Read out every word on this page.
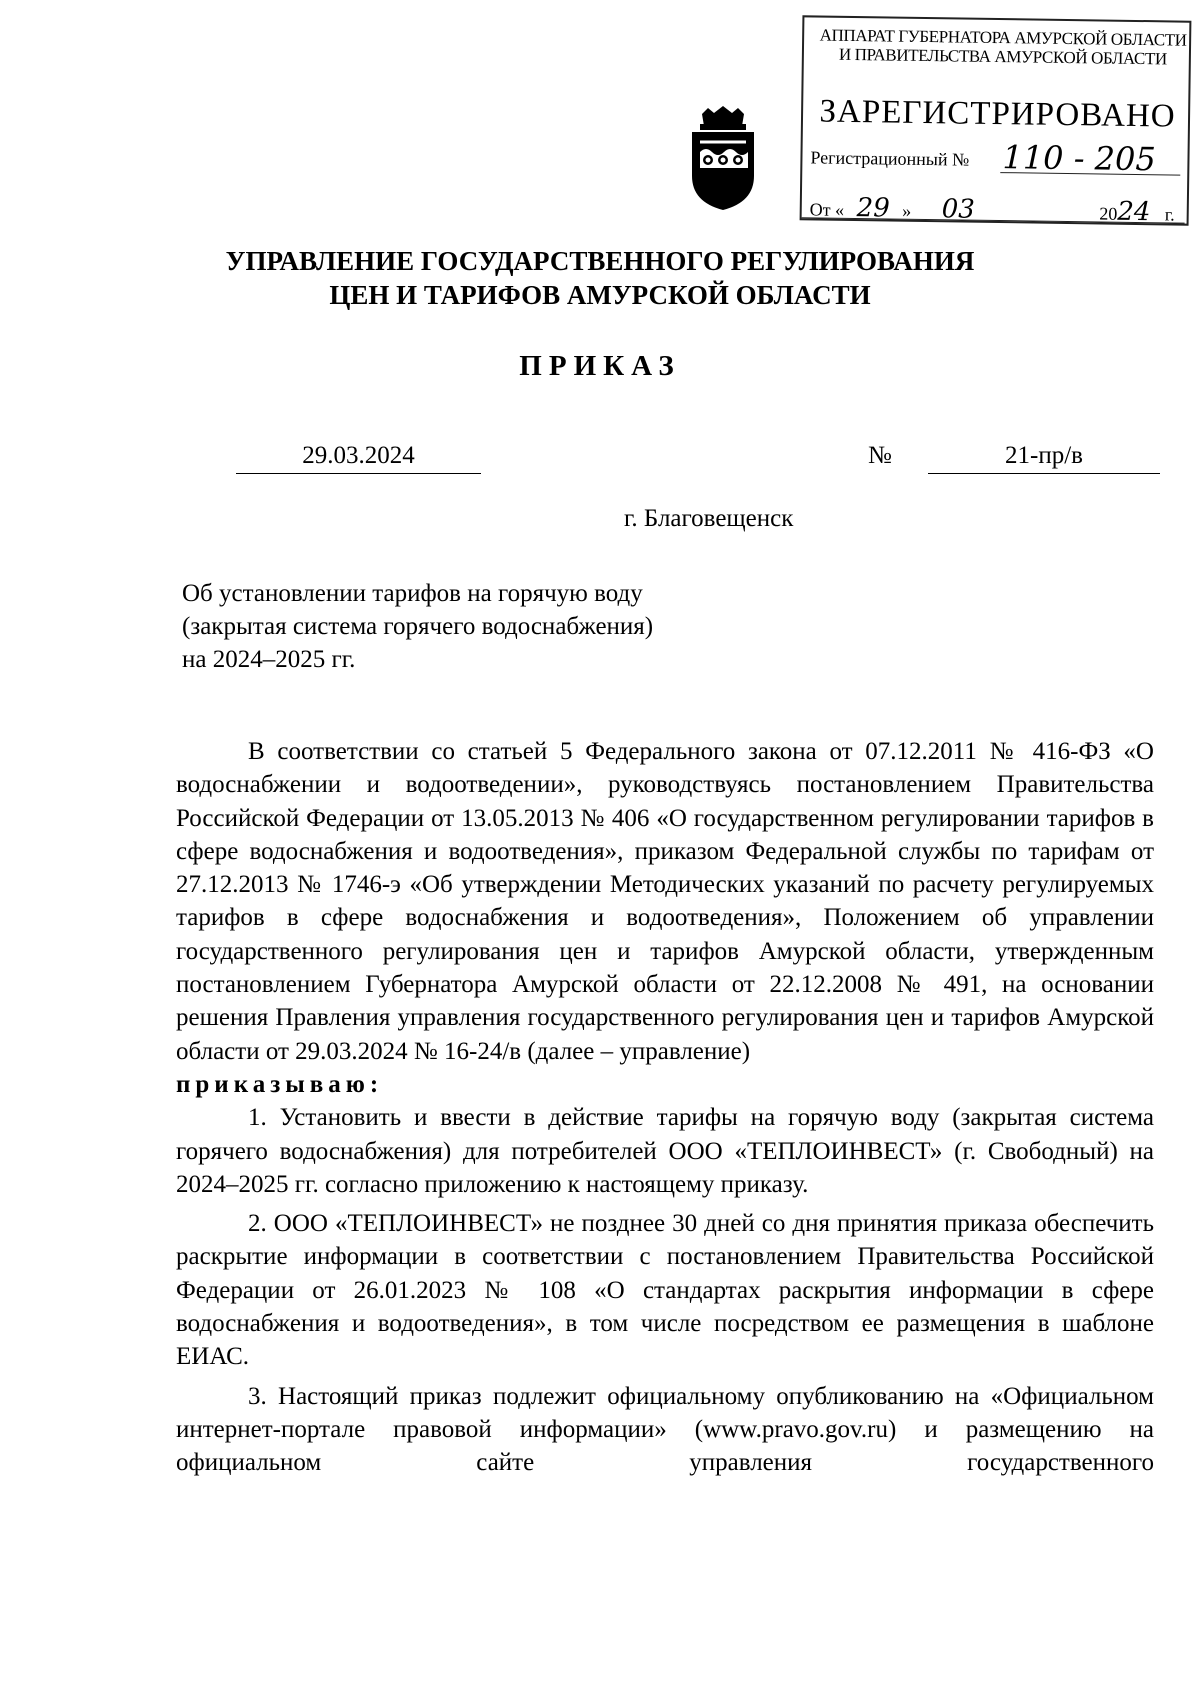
АППАРАТ ГУБЕРНАТОРА АМУРСКОЙ ОБЛАСТИ
И ПРАВИТЕЛЬСТВА АМУРСКОЙ ОБЛАСТИ
ЗАРЕГИСТРИРОВАНО
Регистрационный № 110 - 205
От « 29 » 03	2024 г.
УПРАВЛЕНИЕ ГОСУДАРСТВЕННОГО РЕГУЛИРОВАНИЯ
ЦЕН И ТАРИФОВ АМУРСКОЙ ОБЛАСТИ
ПРИКАЗ
29.03.2024	№	21-пр/в
г. Благовещенск
Об установлении тарифов на горячую воду
(закрытая система горячего водоснабжения)
на 2024–2025 гг.

В соответствии со статьей 5 Федерального закона от 07.12.2011 № 416-ФЗ «О водоснабжении и водоотведении», руководствуясь постановлением Правительства Российской Федерации от 13.05.2013 № 406 «О государственном регулировании тарифов в сфере водоснабжения и водоотведения», приказом Федеральной службы по тарифам от 27.12.2013 № 1746-э «Об утверждении Методических указаний по расчету регулируемых тарифов в сфере водоснабжения и водоотведения», Положением об управлении государственного регулирования цен и тарифов Амурской области, утвержденным постановлением Губернатора Амурской области от 22.12.2008 № 491, на основании решения Правления управления государственного регулирования цен и тарифов Амурской области от 29.03.2024 № 16-24/в (далее – управление)

приказываю:

1. Установить и ввести в действие тарифы на горячую воду (закрытая система горячего водоснабжения) для потребителей ООО «ТЕПЛОИНВЕСТ» (г. Свободный) на 2024–2025 гг. согласно приложению к настоящему приказу.

2. ООО «ТЕПЛОИНВЕСТ» не позднее 30 дней со дня принятия приказа обеспечить раскрытие информации в соответствии с постановлением Правительства Российской Федерации от 26.01.2023 № 108 «О стандартах раскрытия информации в сфере водоснабжения и водоотведения», в том числе посредством ее размещения в шаблоне ЕИАС.

3. Настоящий приказ подлежит официальному опубликованию на «Официальном интернет-портале правовой информации» (www.pravo.gov.ru) и размещению на официальном сайте управления государственного
